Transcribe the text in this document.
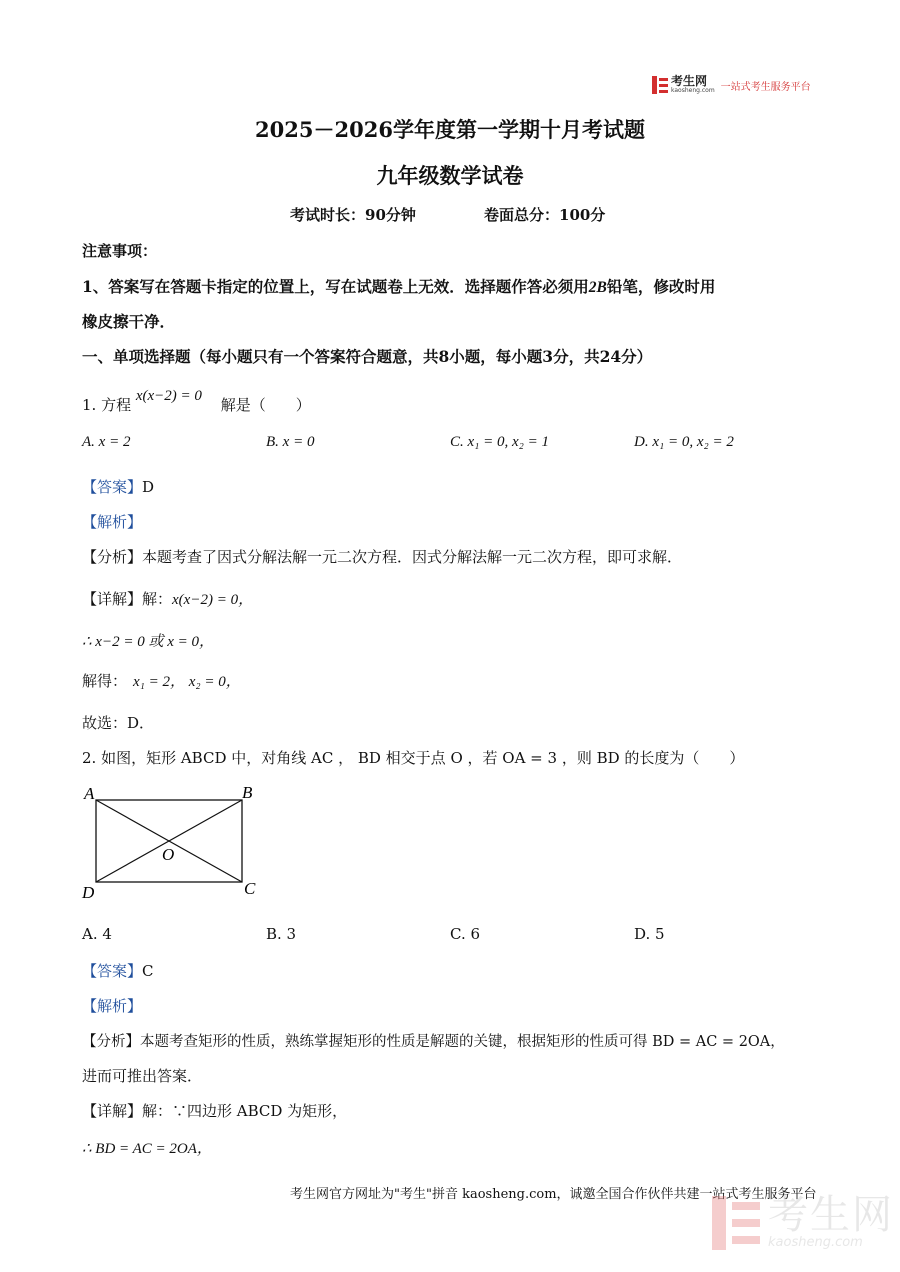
考生网
kaosheng.com 一站式考生服务平台
2025－2026学年度第一学期十月考试题
九年级数学试卷
考试时长：90分钟	卷面总分：100分
注意事项：
1、答案写在答题卡指定的位置上，写在试题卷上无效．选择题作答必须用2B铅笔，修改时用
橡皮擦干净．
一、单项选择题（每小题只有一个答案符合题意，共8小题，每小题3分，共24分）
1. 方程 x(x−2) = 0 解是（　　）
A. x = 2	B. x = 0	C. x₁ = 0, x₂ = 1	D. x₁ = 0, x₂ = 2
【答案】D
【解析】
【分析】本题考查了因式分解法解一元二次方程．因式分解法解一元二次方程，即可求解．
【详解】解：x(x−2) = 0，
∴ x−2 = 0 或 x = 0，
解得： x₁ = 2， x₂ = 0，
故选：D．
2. 如图，矩形 ABCD 中，对角线 AC ， BD 相交于点 O ，若 OA = 3 ，则 BD 的长度为（　　）
A	B
C
D
O
A. 4	B. 3	C. 6	D. 5
【答案】C
【解析】
【分析】本题考查矩形的性质，熟练掌握矩形的性质是解题的关键，根据矩形的性质可得 BD = AC = 2OA，
进而可推出答案．
【详解】解：∵四边形 ABCD 为矩形，
∴ BD = AC = 2OA，
考生网官方网址为"考生"拼音 kaosheng.com，诚邀全国合作伙伴共建一站式考生服务平台
考生网
kaosheng.com
